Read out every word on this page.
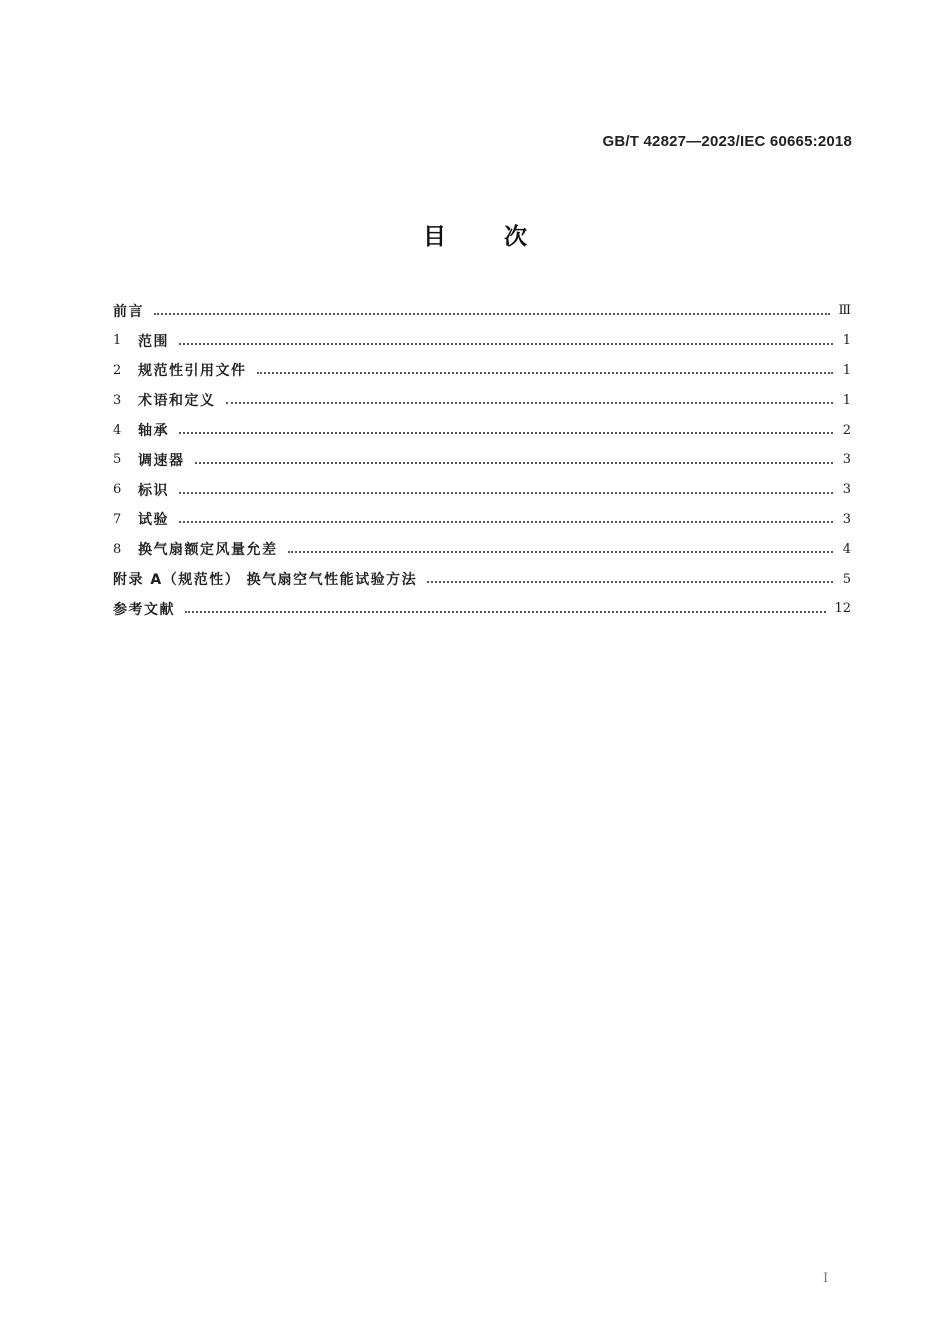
GB/T 42827—2023/IEC 60665:2018
目	次
前言	Ⅲ
1	范围	1
2	规范性引用文件	1
3	术语和定义	1
4	轴承	2
5	调速器	3
6	标识	3
7	试验	3
8	换气扇额定风量允差	4
附录 A（规范性） 换气扇空气性能试验方法	5
参考文献	12
I
